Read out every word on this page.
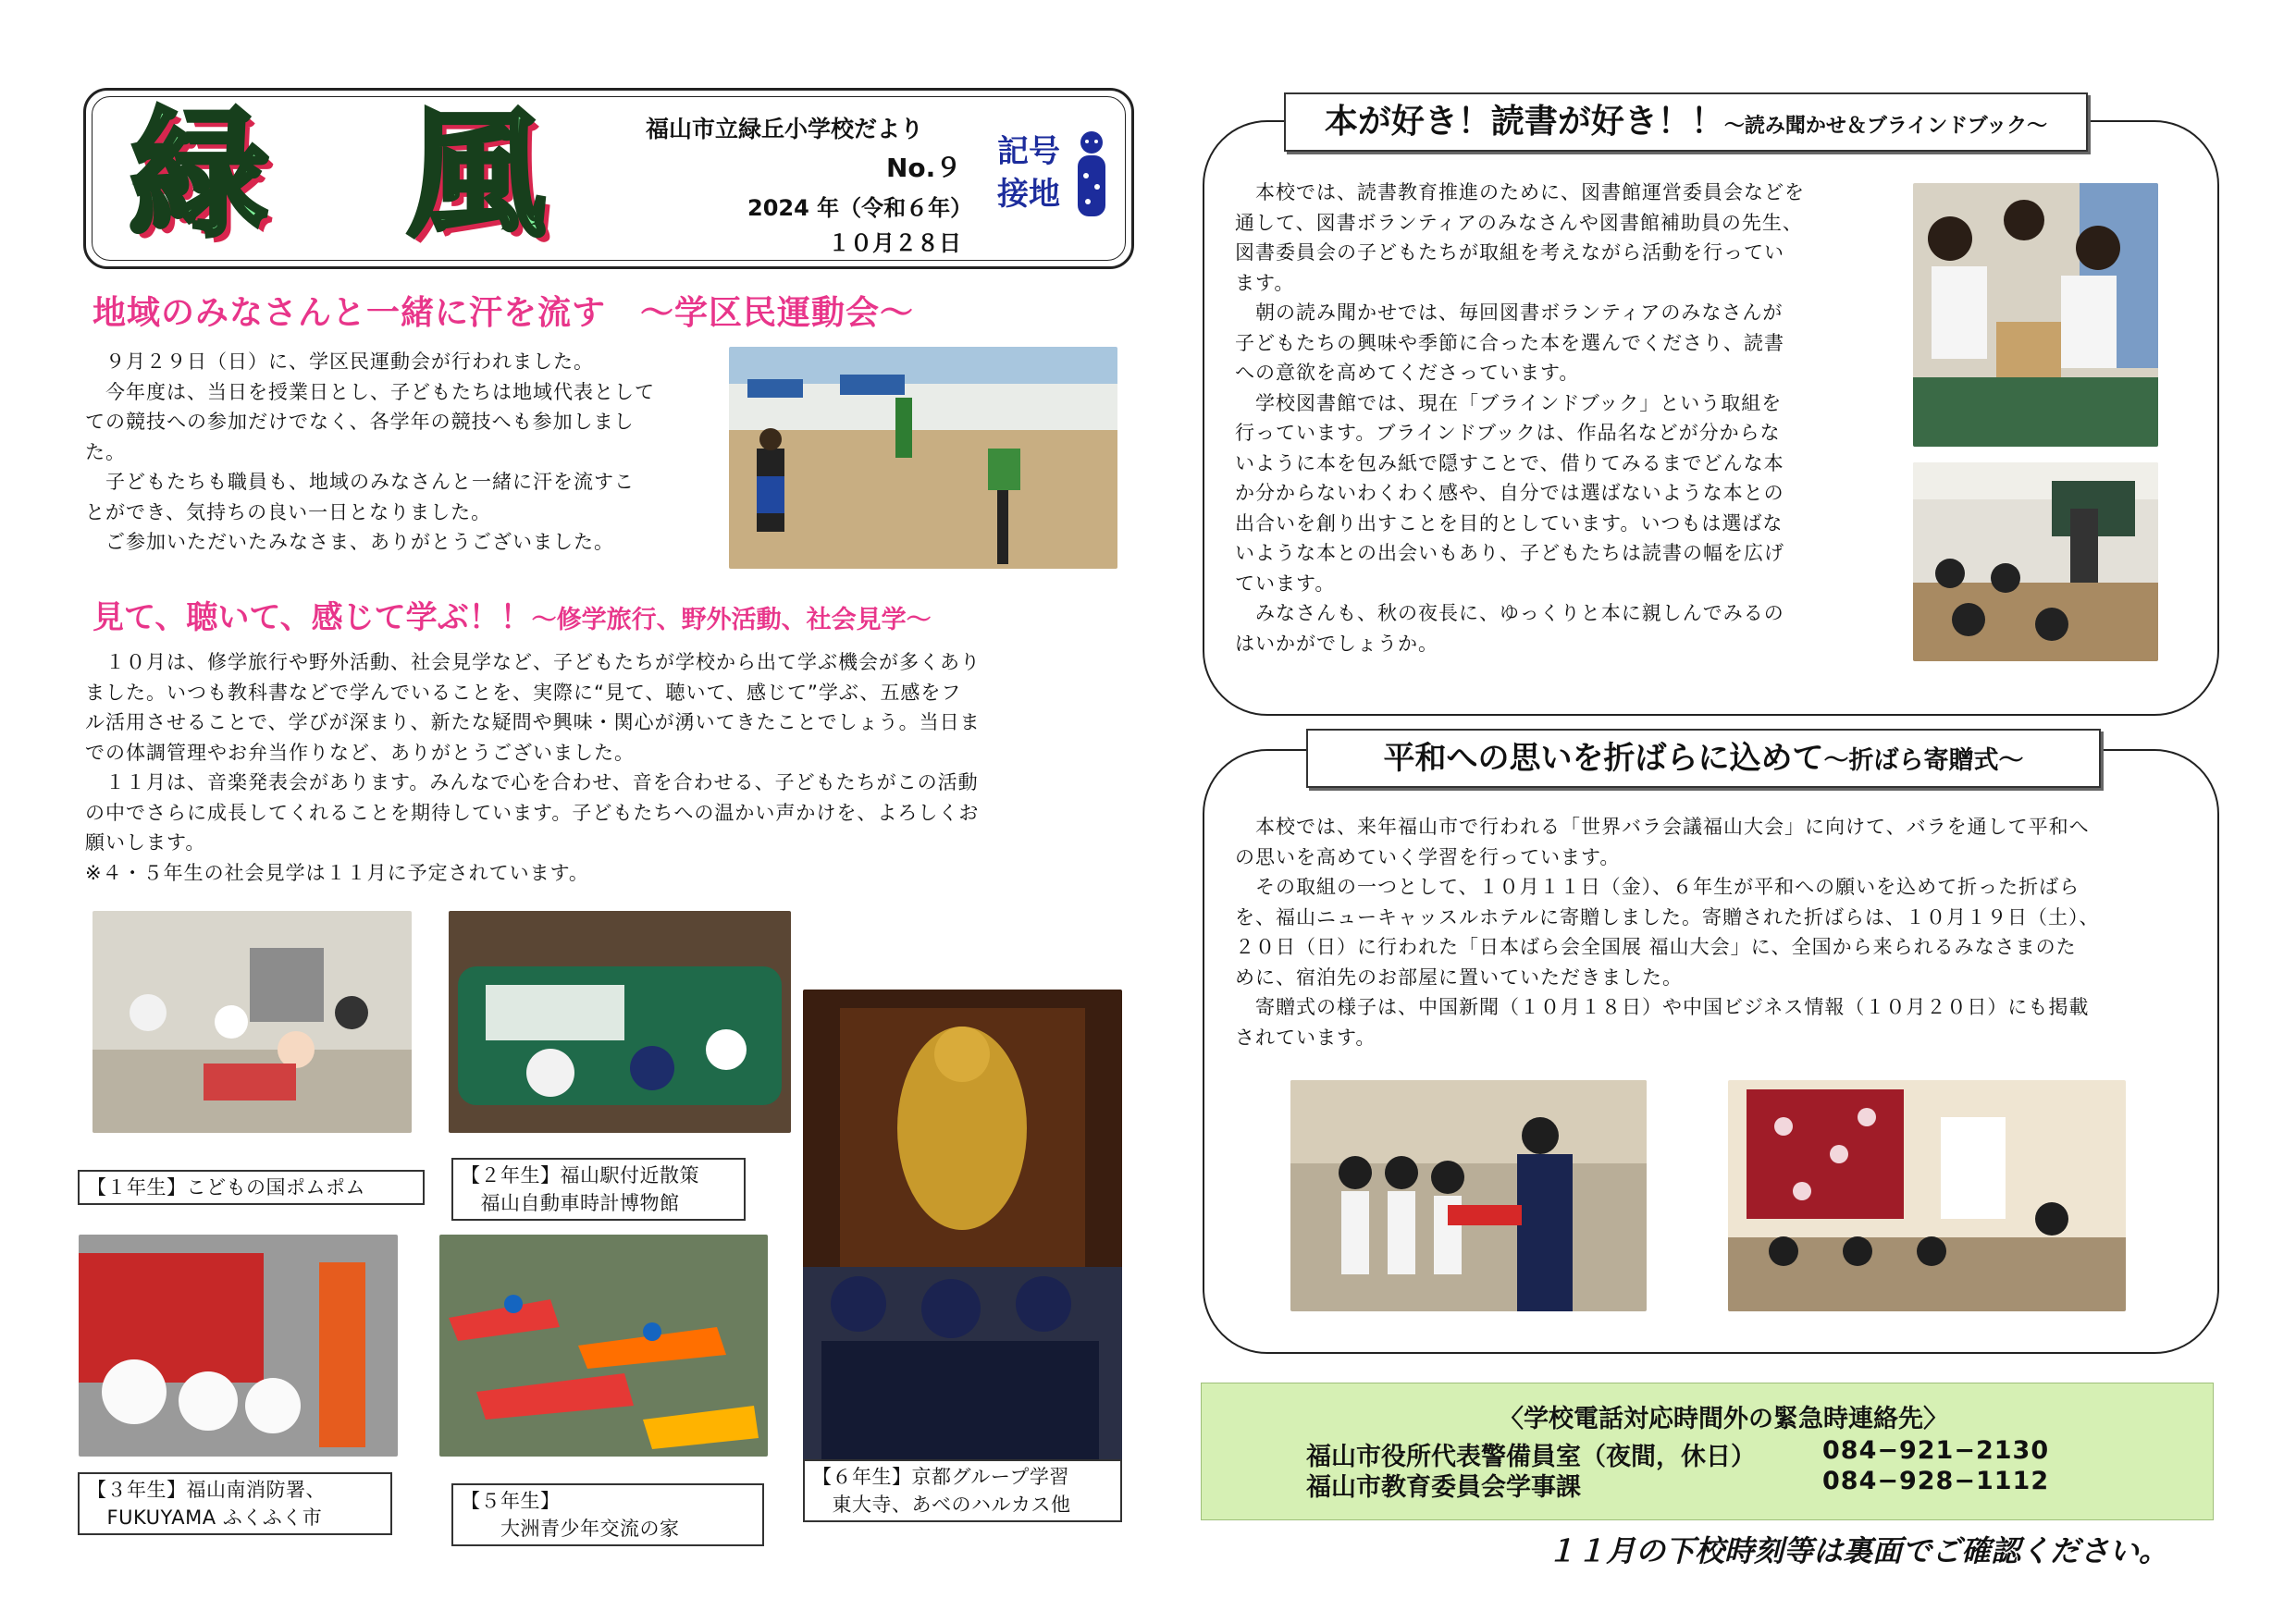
緑　風	福山市立緑丘小学校だより
No.９
2024 年（令和６年）
１０月２８日
記号
接地
地域のみなさんと一緒に汗を流す　～学区民運動会～

　９月２９日（日）に、学区民運動会が行われました。

　今年度は、当日を授業日とし、子どもたちは地域代表として

ての競技への参加だけでなく、各学年の競技へも参加しまし

た。

　子どもたちも職員も、地域のみなさんと一緒に汗を流すこ

とができ、気持ちの良い一日となりました。

　ご参加いただいたみなさま、ありがとうございました。

見て、聴いて、感じて学ぶ！！～修学旅行、野外活動、社会見学～

　１０月は、修学旅行や野外活動、社会見学など、子どもたちが学校から出て学ぶ機会が多くあり

ました。いつも教科書などで学んでいることを、実際に“見て、聴いて、感じて”学ぶ、五感をフ

ル活用させることで、学びが深まり、新たな疑問や興味・関心が湧いてきたことでしょう。当日ま

での体調管理やお弁当作りなど、ありがとうございました。

　１１月は、音楽発表会があります。みんなで心を合わせ、音を合わせる、子どもたちがこの活動

の中でさらに成長してくれることを期待しています。子どもたちへの温かい声かけを、よろしくお

願いします。

※４・５年生の社会見学は１１月に予定されています。

【１年生】こどもの国ポムポム
【２年生】福山駅付近散策
　福山自動車時計博物館
【６年生】京都グループ学習
　東大寺、あべのハルカス他
【３年生】福山南消防署、
　FUKUYAMA ふくふく市
【５年生】
　　大洲青少年交流の家
本が好き！読書が好き！！～読み聞かせ＆ブラインドブック～

　本校では、読書教育推進のために、図書館運営委員会などを

通して、図書ボランティアのみなさんや図書館補助員の先生、

図書委員会の子どもたちが取組を考えながら活動を行ってい

ます。

　朝の読み聞かせでは、毎回図書ボランティアのみなさんが

子どもたちの興味や季節に合った本を選んでくださり、読書

への意欲を高めてくださっています。

　学校図書館では、現在「ブラインドブック」という取組を

行っています。ブラインドブックは、作品名などが分からな

いように本を包み紙で隠すことで、借りてみるまでどんな本

か分からないわくわく感や、自分では選ばないような本との

出合いを創り出すことを目的としています。いつもは選ばな

いような本との出会いもあり、子どもたちは読書の幅を広げ

ています。

　みなさんも、秋の夜長に、ゆっくりと本に親しんでみるの

はいかがでしょうか。

平和への思いを折ばらに込めて～折ばら寄贈式～

　本校では、来年福山市で行われる「世界バラ会議福山大会」に向けて、バラを通して平和へ

の思いを高めていく学習を行っています。

　その取組の一つとして、１０月１１日（金）、６年生が平和への願いを込めて折った折ばら

を、福山ニューキャッスルホテルに寄贈しました。寄贈された折ばらは、１０月１９日（土）、

２０日（日）に行われた「日本ばら会全国展 福山大会」に、全国から来られるみなさまのた

めに、宿泊先のお部屋に置いていただきました。

　寄贈式の様子は、中国新聞（１０月１８日）や中国ビジネス情報（１０月２０日）にも掲載

されています。

〈学校電話対応時間外の緊急時連絡先〉
福山市役所代表警備員室（夜間，休日）	084−921−2130
福山市教育委員会学事課	084−928−1112
１１月の下校時刻等は裏面でご確認ください。
